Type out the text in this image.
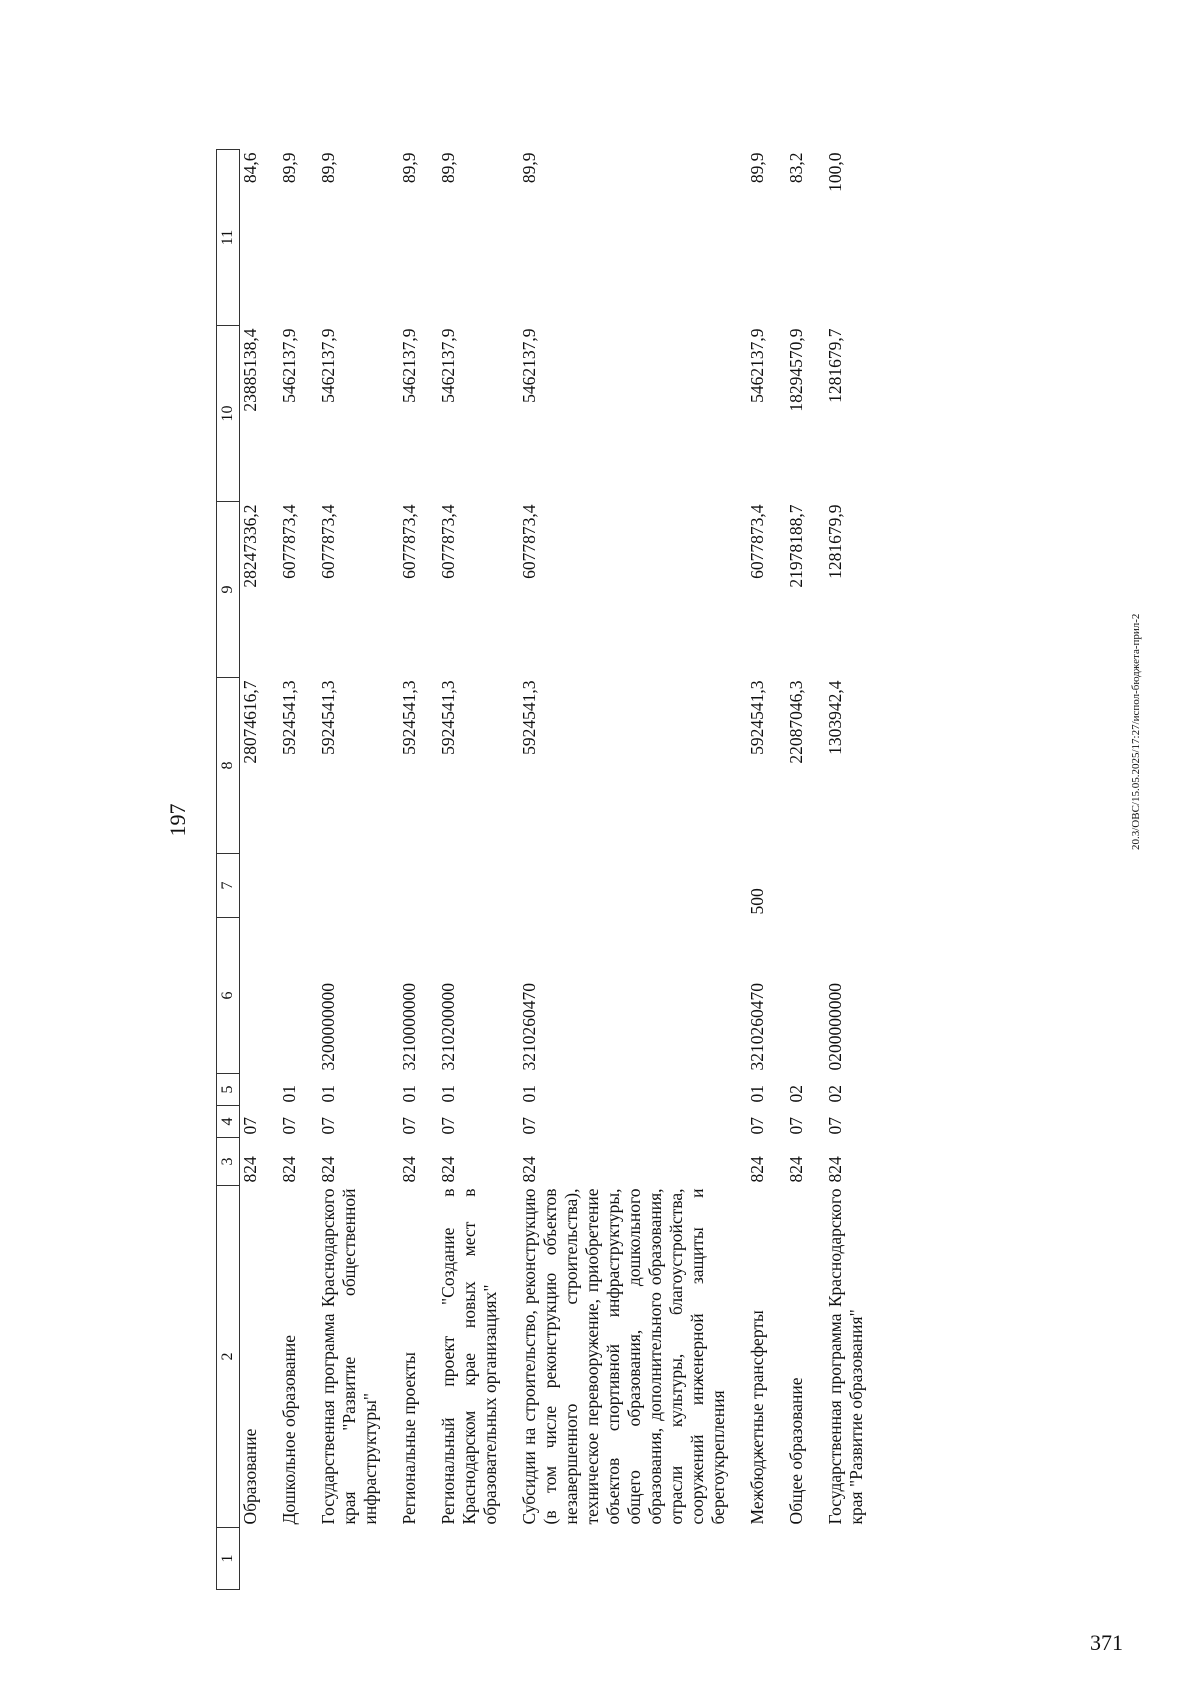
197
1	2	3	4	5	6	7	8	9	10	11
	Образование	824	07				28074616,7	28247336,2	23885138,4	84,6
	Дошкольное образование	824	07	01			5924541,3	6077873,4	5462137,9	89,9
	Государственная программа Краснодарского края "Развитие общественной инфраструктуры"	824	07	01	3200000000		5924541,3	6077873,4	5462137,9	89,9
	Региональные проекты	824	07	01	3210000000		5924541,3	6077873,4	5462137,9	89,9
	Региональный проект "Создание в Краснодарском крае новых мест в образовательных организациях"	824	07	01	3210200000		5924541,3	6077873,4	5462137,9	89,9
	Субсидии на строительство, реконструкцию (в том числе реконструкцию объектов незавершенного строительства), техническое перевооружение, приобретение объектов спортивной инфраструктуры, общего образования, дошкольного образования, дополнительного образования, отрасли культуры, благоустройства, сооружений инженерной защиты и берегоукрепления	824	07	01	3210260470		5924541,3	6077873,4	5462137,9	89,9
	Межбюджетные трансферты	824	07	01	3210260470	500	5924541,3	6077873,4	5462137,9	89,9
	Общее образование	824	07	02			22087046,3	21978188,7	18294570,9	83,2
	Государственная программа Краснодарского края "Развитие образования"	824	07	02	0200000000		1303942,4	1281679,9	1281679,7	100,0
20.3/ОВС/15.05.2025/17:27/испол-бюджета-прил-2
371
